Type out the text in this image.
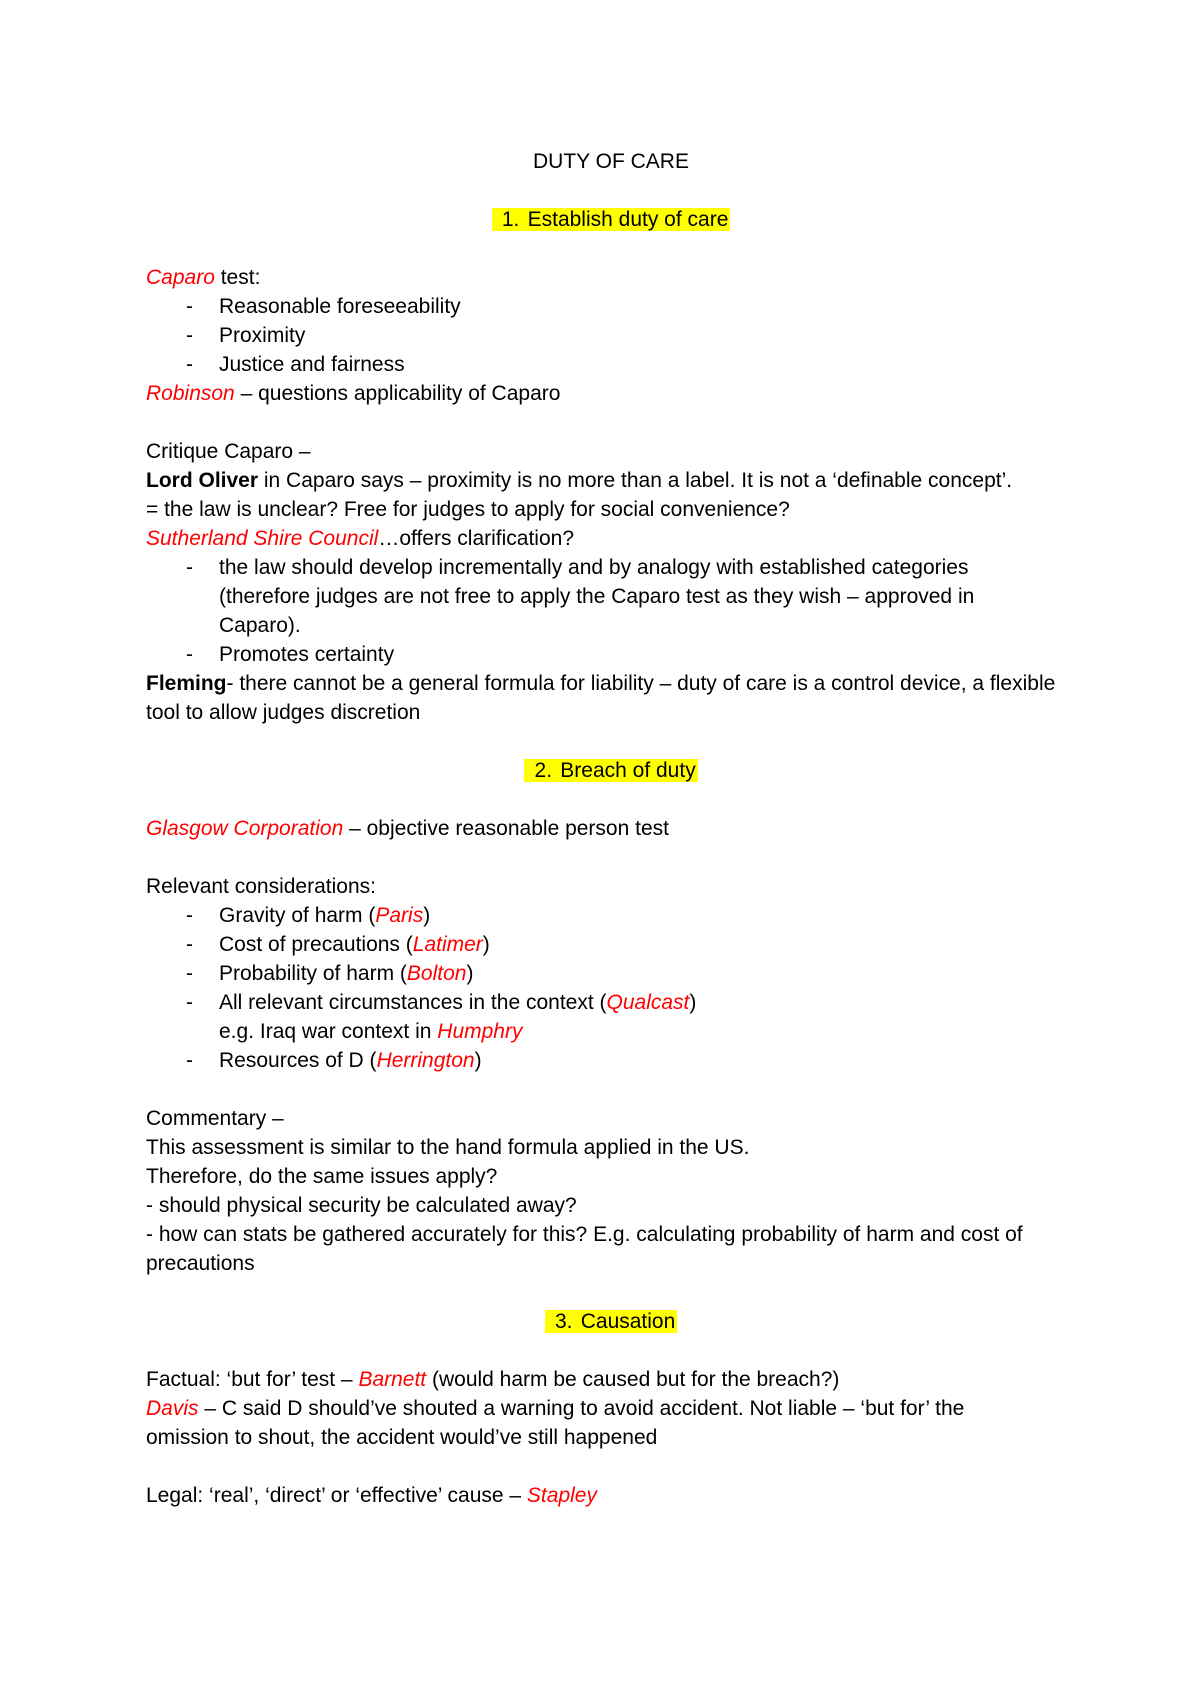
DUTY OF CARE
1. Establish duty of care
Caparo test:
- Reasonable foreseeability
- Proximity
- Justice and fairness
Robinson – questions applicability of Caparo
Critique Caparo –
Lord Oliver in Caparo says – proximity is no more than a label. It is not a ‘definable concept’.
= the law is unclear? Free for judges to apply for social convenience?
Sutherland Shire Council…offers clarification?
- the law should develop incrementally and by analogy with established categories (therefore judges are not free to apply the Caparo test as they wish – approved in Caparo).
- Promotes certainty
Fleming- there cannot be a general formula for liability – duty of care is a control device, a flexible tool to allow judges discretion
2. Breach of duty
Glasgow Corporation – objective reasonable person test
Relevant considerations:
- Gravity of harm (Paris)
- Cost of precautions (Latimer)
- Probability of harm (Bolton)
- All relevant circumstances in the context (Qualcast)
e.g. Iraq war context in Humphry
- Resources of D (Herrington)
Commentary –
This assessment is similar to the hand formula applied in the US.
Therefore, do the same issues apply?
- should physical security be calculated away?
- how can stats be gathered accurately for this? E.g. calculating probability of harm and cost of precautions
3. Causation
Factual: ‘but for’ test – Barnett (would harm be caused but for the breach?)
Davis – C said D should’ve shouted a warning to avoid accident. Not liable – ‘but for’ the omission to shout, the accident would’ve still happened
Legal: ‘real’, ‘direct’ or ‘effective’ cause – Stapley
